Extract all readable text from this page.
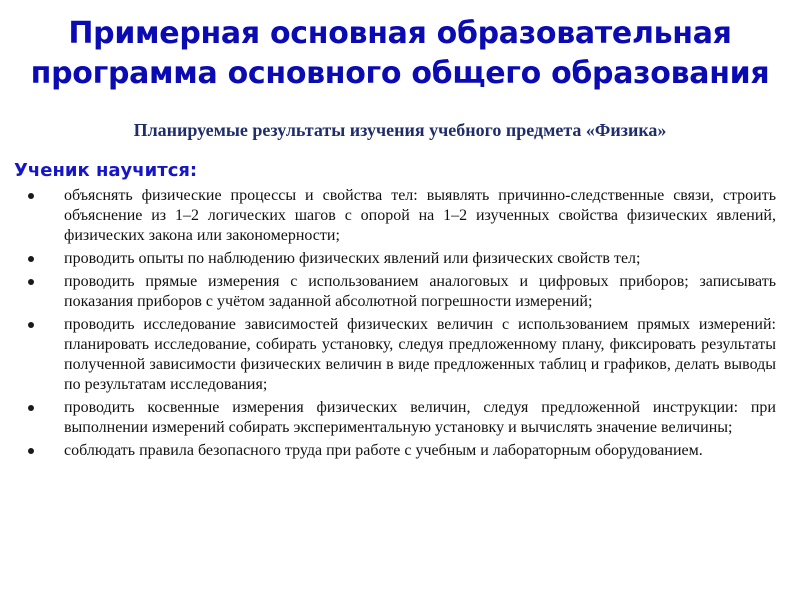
Примерная основная образовательная
программа основного общего образования
Планируемые результаты изучения учебного предмета «Физика»
Ученик научится:
объяснять физические процессы и свойства тел: выявлять причинно-следственные связи, строить объяснение из 1–2 логических шагов с опорой на 1–2 изученных свойства физических явлений, физических закона или закономерности;
проводить опыты по наблюдению физических явлений или физических свойств тел;
проводить прямые измерения с использованием аналоговых и цифровых приборов; записывать показания приборов с учётом заданной абсолютной погрешности измерений;
проводить исследование зависимостей физических величин с использованием прямых измерений: планировать исследование, собирать установку, следуя предложенному плану, фиксировать результаты полученной зависимости физических величин в виде предложенных таблиц и графиков, делать выводы по результатам исследования;
проводить косвенные измерения физических величин, следуя предложенной инструкции: при выполнении измерений собирать экспериментальную установку и вычислять значение величины;
соблюдать правила безопасного труда при работе с учебным и лабораторным оборудованием.
